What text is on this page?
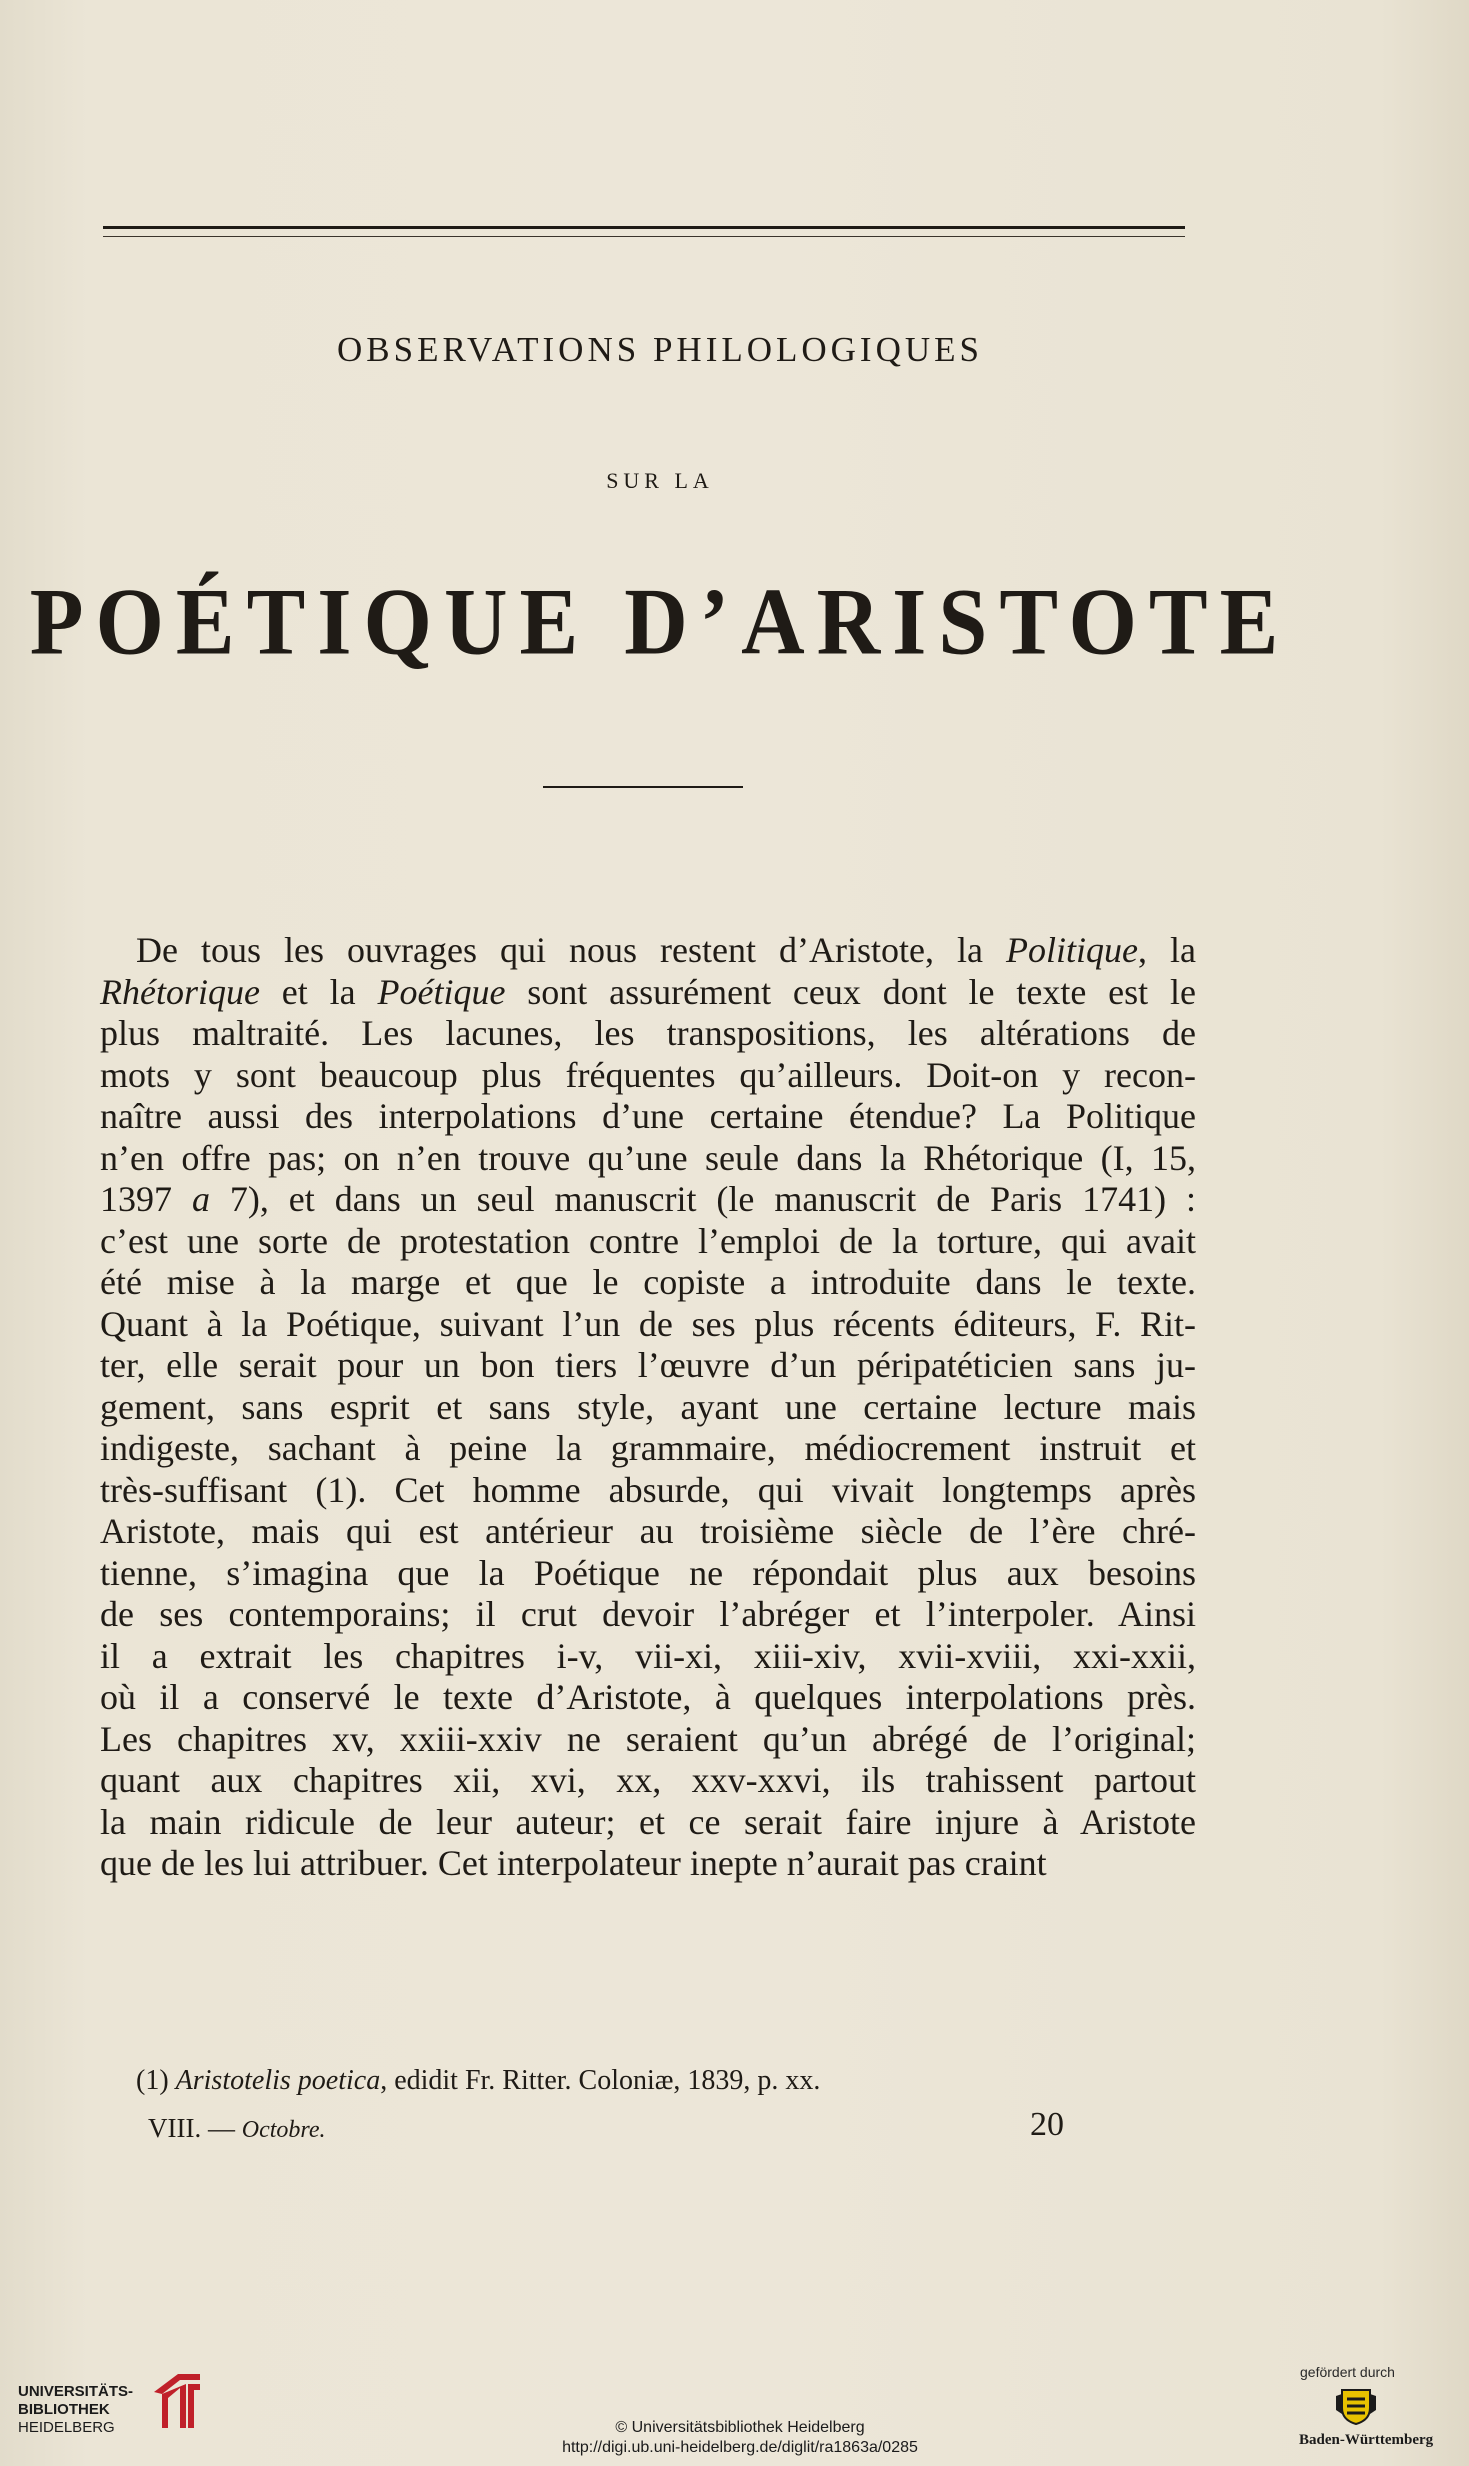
OBSERVATIONS PHILOLOGIQUES
SUR LA
POÉTIQUE D’ARISTOTE
De tous les ouvrages qui nous restent d’Aristote, la Politique, la
Rhétorique et la Poétique sont assurément ceux dont le texte est le
plus maltraité. Les lacunes, les transpositions, les altérations de
mots y sont beaucoup plus fréquentes qu’ailleurs. Doit-on y recon-
naître aussi des interpolations d’une certaine étendue? La Politique
n’en offre pas; on n’en trouve qu’une seule dans la Rhétorique (I, 15,
1397 a 7), et dans un seul manuscrit (le manuscrit de Paris 1741) :
c’est une sorte de protestation contre l’emploi de la torture, qui avait
été mise à la marge et que le copiste a introduite dans le texte.
Quant à la Poétique, suivant l’un de ses plus récents éditeurs, F. Rit-
ter, elle serait pour un bon tiers l’œuvre d’un péripatéticien sans ju-
gement, sans esprit et sans style, ayant une certaine lecture mais
indigeste, sachant à peine la grammaire, médiocrement instruit et
très-suffisant (1). Cet homme absurde, qui vivait longtemps après
Aristote, mais qui est antérieur au troisième siècle de l’ère chré-
tienne, s’imagina que la Poétique ne répondait plus aux besoins
de ses contemporains; il crut devoir l’abréger et l’interpoler. Ainsi
il a extrait les chapitres i-v, vii-xi, xiii-xiv, xvii-xviii, xxi-xxii,
où il a conservé le texte d’Aristote, à quelques interpolations près.
Les chapitres xv, xxiii-xxiv ne seraient qu’un abrégé de l’original;
quant aux chapitres xii, xvi, xx, xxv-xxvi, ils trahissent partout
la main ridicule de leur auteur; et ce serait faire injure à Aristote
que de les lui attribuer. Cet interpolateur inepte n’aurait pas craint
(1) Aristotelis poetica, edidit Fr. Ritter. Coloniæ, 1839, p. xx.
VIII. — Octobre.	20
UNIVERSITÄTS-
BIBLIOTHEK
HEIDELBERG	© Universitätsbibliothek Heidelberg
http://digi.ub.uni-heidelberg.de/diglit/ra1863a/0285
gefördert durch
Baden-Württemberg
